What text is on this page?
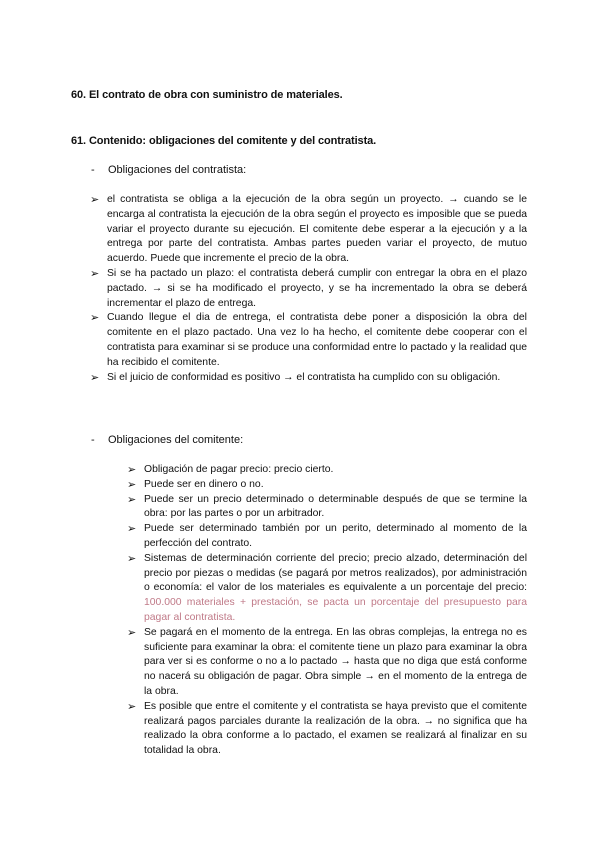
60. El contrato de obra con suministro de materiales.
61. Contenido: obligaciones del comitente y del contratista.
- Obligaciones del contratista:
➢ el contratista se obliga a la ejecución de la obra según un proyecto. → cuando se le encarga al contratista la ejecución de la obra según el proyecto es imposible que se pueda variar el proyecto durante su ejecución. El comitente debe esperar a la ejecución y a la entrega por parte del contratista. Ambas partes pueden variar el proyecto, de mutuo acuerdo. Puede que incremente el precio de la obra.
➢ Si se ha pactado un plazo: el contratista deberá cumplir con entregar la obra en el plazo pactado. → si se ha modificado el proyecto, y se ha incrementado la obra se deberá incrementar el plazo de entrega.
➢ Cuando llegue el dia de entrega, el contratista debe poner a disposición la obra del comitente en el plazo pactado. Una vez lo ha hecho, el comitente debe cooperar con el contratista para examinar si se produce una conformidad entre lo pactado y la realidad que ha recibido el comitente.
➢ Si el juicio de conformidad es positivo → el contratista ha cumplido con su obligación.
- Obligaciones del comitente:
➢ Obligación de pagar precio: precio cierto.
➢ Puede ser en dinero o no.
➢ Puede ser un precio determinado o determinable después de que se termine la obra: por las partes o por un arbitrador.
➢ Puede ser determinado también por un perito, determinado al momento de la perfección del contrato.
➢ Sistemas de determinación corriente del precio; precio alzado, determinación del precio por piezas o medidas (se pagará por metros realizados), por administración o economía: el valor de los materiales es equivalente a un porcentaje del precio: 100.000 materiales + prestación, se pacta un porcentaje del presupuesto para pagar al contratista.
➢ Se pagará en el momento de la entrega. En las obras complejas, la entrega no es suficiente para examinar la obra: el comitente tiene un plazo para examinar la obra para ver si es conforme o no a lo pactado → hasta que no diga que está conforme no nacerá su obligación de pagar. Obra simple → en el momento de la entrega de la obra.
➢ Es posible que entre el comitente y el contratista se haya previsto que el comitente realizará pagos parciales durante la realización de la obra. → no significa que ha realizado la obra conforme a lo pactado, el examen se realizará al finalizar en su totalidad la obra.
